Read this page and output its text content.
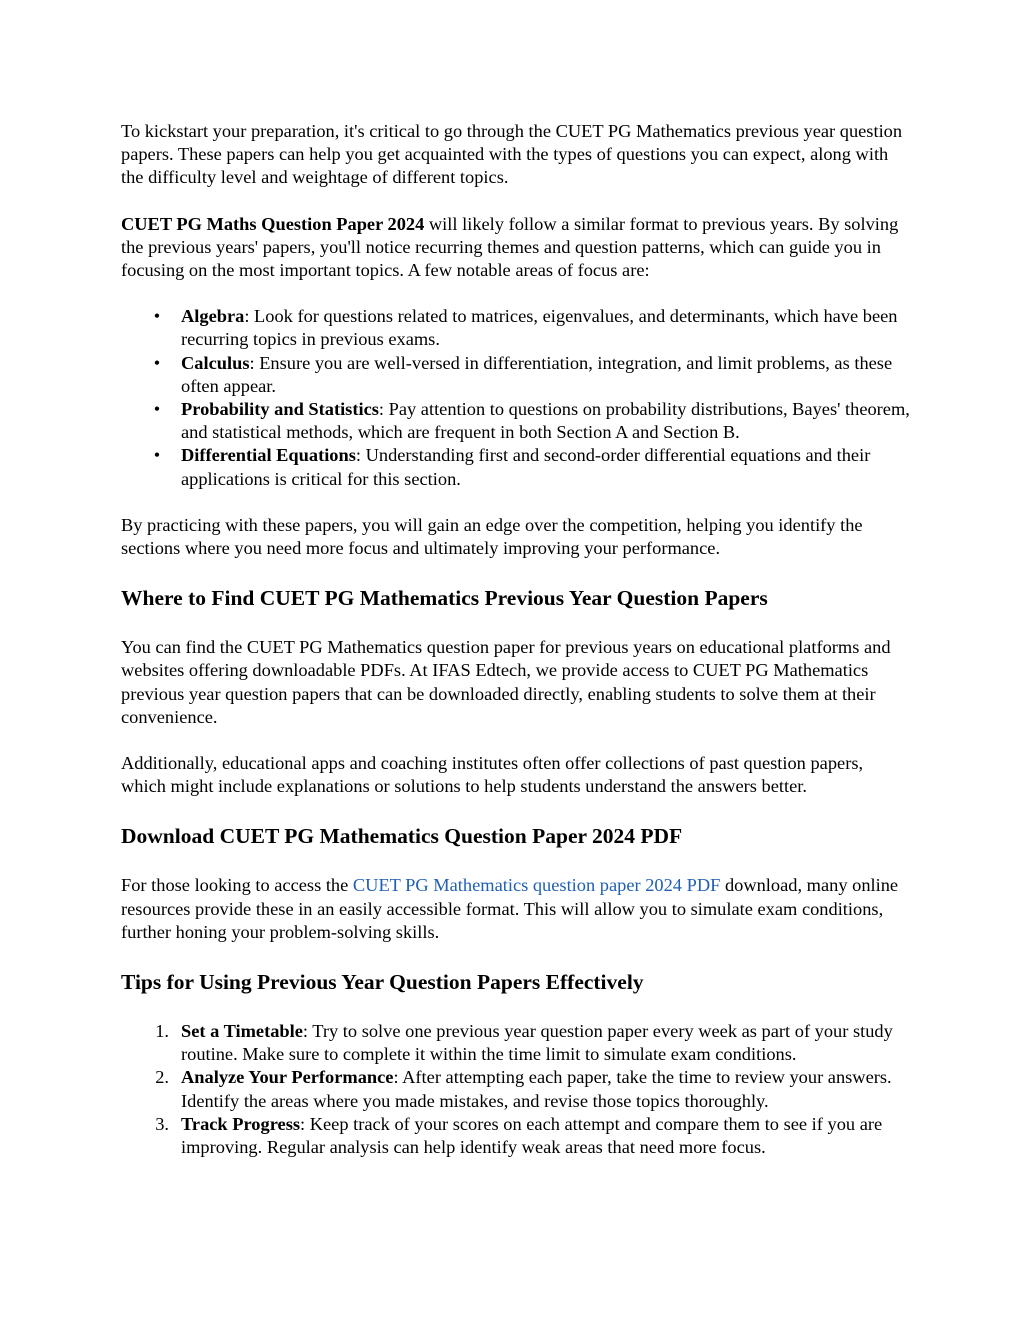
To kickstart your preparation, it's critical to go through the CUET PG Mathematics previous year question papers. These papers can help you get acquainted with the types of questions you can expect, along with the difficulty level and weightage of different topics.

CUET PG Maths Question Paper 2024 will likely follow a similar format to previous years. By solving the previous years' papers, you'll notice recurring themes and question patterns, which can guide you in focusing on the most important topics. A few notable areas of focus are:

•	Algebra: Look for questions related to matrices, eigenvalues, and determinants, which have been recurring topics in previous exams.
•	Calculus: Ensure you are well-versed in differentiation, integration, and limit problems, as these often appear.
•	Probability and Statistics: Pay attention to questions on probability distributions, Bayes' theorem, and statistical methods, which are frequent in both Section A and Section B.
•	Differential Equations: Understanding first and second-order differential equations and their applications is critical for this section.

By practicing with these papers, you will gain an edge over the competition, helping you identify the sections where you need more focus and ultimately improving your performance.

Where to Find CUET PG Mathematics Previous Year Question Papers

You can find the CUET PG Mathematics question paper for previous years on educational platforms and websites offering downloadable PDFs. At IFAS Edtech, we provide access to CUET PG Mathematics previous year question papers that can be downloaded directly, enabling students to solve them at their convenience.

Additionally, educational apps and coaching institutes often offer collections of past question papers, which might include explanations or solutions to help students understand the answers better.

Download CUET PG Mathematics Question Paper 2024 PDF

For those looking to access the CUET PG Mathematics question paper 2024 PDF download, many online resources provide these in an easily accessible format. This will allow you to simulate exam conditions, further honing your problem-solving skills.

Tips for Using Previous Year Question Papers Effectively
1. Set a Timetable: Try to solve one previous year question paper every week as part of your study routine. Make sure to complete it within the time limit to simulate exam conditions.
2. Analyze Your Performance: After attempting each paper, take the time to review your answers. Identify the areas where you made mistakes, and revise those topics thoroughly.
3. Track Progress: Keep track of your scores on each attempt and compare them to see if you are improving. Regular analysis can help identify weak areas that need more focus.
